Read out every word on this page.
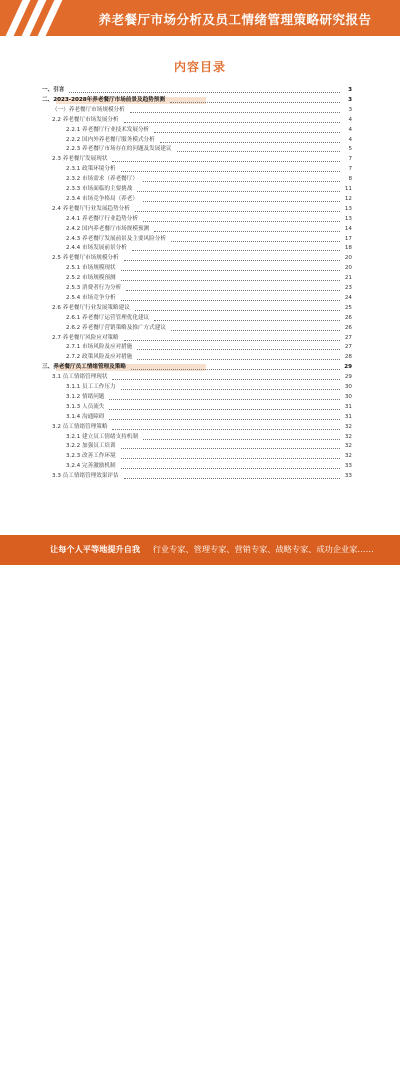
养老餐厅市场分析及员工情绪管理策略研究报告
内容目录
一、引言	3
二、2023-2028年养老餐厅市场前景及趋势预测	3
（一）养老餐厅市场规模分析	3
2.2 养老餐厅市场发展分析	4
2.2.1 养老餐厅行业技术发展分析	4
2.2.2 国内外养老餐厅服务模式分析	4
2.2.3 养老餐厅市场存在的问题及发展建议	5
2.3 养老餐厅发展现状	7
2.3.1 政策环境分析	7
2.3.2 市场需求（养老餐厅）	8
2.3.3 市场面临的主要挑战	11
2.3.4 市场竞争格局（养老）	12
2.4 养老餐厅行业发展趋势分析	13
2.4.1 养老餐厅行业趋势分析	13
2.4.2 国内养老餐厅市场规模预测	14
2.4.3 养老餐厅发展前景及主要风险分析	17
2.4.4 市场发展前景分析	18
2.5 养老餐厅市场规模分析	20
2.5.1 市场规模现状	20
2.5.2 市场规模预测	21
2.5.3 消费者行为分析	23
2.5.4 市场竞争分析	24
2.6 养老餐厅行业发展策略建议	25
2.6.1 养老餐厅运营管理优化建议	26
2.6.2 养老餐厅营销策略及推广方式建议	26
2.7 养老餐厅风险应对策略	27
2.7.1 市场风险及应对措施	27
2.7.2 政策风险及应对措施	28
三、养老餐厅员工情绪管理及策略	29
3.1 员工情绪管理现状	29
3.1.1 员工工作压力	30
3.1.2 情绪问题	30
3.1.3 人员流失	31
3.1.4 沟通障碍	31
3.2 员工情绪管理策略	32
3.2.1 建立员工情绪支持机制	32
3.2.2 加强员工培训	32
3.2.3 改善工作环境	32
3.2.4 完善激励机制	33
3.3 员工情绪管理效果评估	33
让每个人平等地提升自我 行业专家、管理专家、营销专家、战略专家、成功企业家……
